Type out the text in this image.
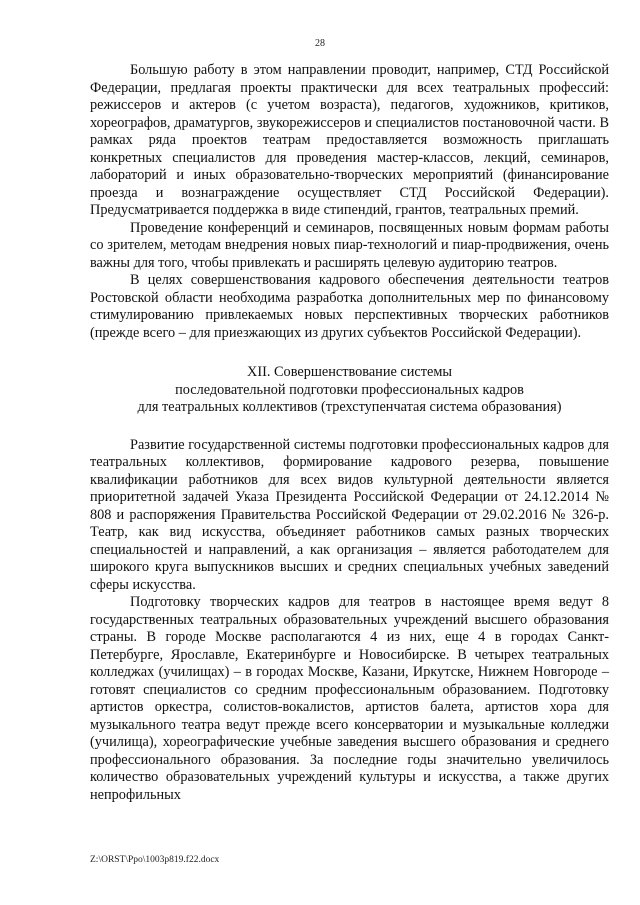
28

Большую работу в этом направлении проводит, например, СТД Российской Федерации, предлагая проекты практически для всех театральных профессий: режиссеров и актеров (с учетом возраста), педагогов, художников, критиков, хореографов, драматургов, звукорежиссеров и специалистов постановочной части. В рамках ряда проектов театрам предоставляется возможность приглашать конкретных специалистов для проведения мастер-классов, лекций, семинаров, лабораторий и иных образовательно-творческих мероприятий (финансирование проезда и вознаграждение осуществляет СТД Российской Федерации). Предусматривается поддержка в виде стипендий, грантов, театральных премий.

Проведение конференций и семинаров, посвященных новым формам работы со зрителем, методам внедрения новых пиар-технологий и пиар-продвижения, очень важны для того, чтобы привлекать и расширять целевую аудиторию театров.

В целях совершенствования кадрового обеспечения деятельности театров Ростовской области необходима разработка дополнительных мер по финансовому стимулированию привлекаемых новых перспективных творческих работников (прежде всего – для приезжающих из других субъектов Российской Федерации).

XII. Совершенствование системы
последовательной подготовки профессиональных кадров
для театральных коллективов (трехступенчатая система образования)

Развитие государственной системы подготовки профессиональных кадров для театральных коллективов, формирование кадрового резерва, повышение квалификации работников для всех видов культурной деятельности является приоритетной задачей Указа Президента Российской Федерации от 24.12.2014 № 808 и распоряжения Правительства Российской Федерации от 29.02.2016 № 326-р. Театр, как вид искусства, объединяет работников самых разных творческих специальностей и направлений, а как организация – является работодателем для широкого круга выпускников высших и средних специальных учебных заведений сферы искусства.

Подготовку творческих кадров для театров в настоящее время ведут 8 государственных театральных образовательных учреждений высшего образования страны. В городе Москве располагаются 4 из них, еще 4 в городах Санкт-Петербурге, Ярославле, Екатеринбурге и Новосибирске. В четырех театральных колледжах (училищах) – в городах Москве, Казани, Иркутске, Нижнем Новгороде – готовят специалистов со средним профессиональным образованием. Подготовку артистов оркестра, солистов-вокалистов, артистов балета, артистов хора для музыкального театра ведут прежде всего консерватории и музыкальные колледжи (училища), хореографические учебные заведения высшего образования и среднего профессионального образования. За последние годы значительно увеличилось количество образовательных учреждений культуры и искусства, а также других непрофильных

Z:\ORST\Ppo\1003p819.f22.docx
